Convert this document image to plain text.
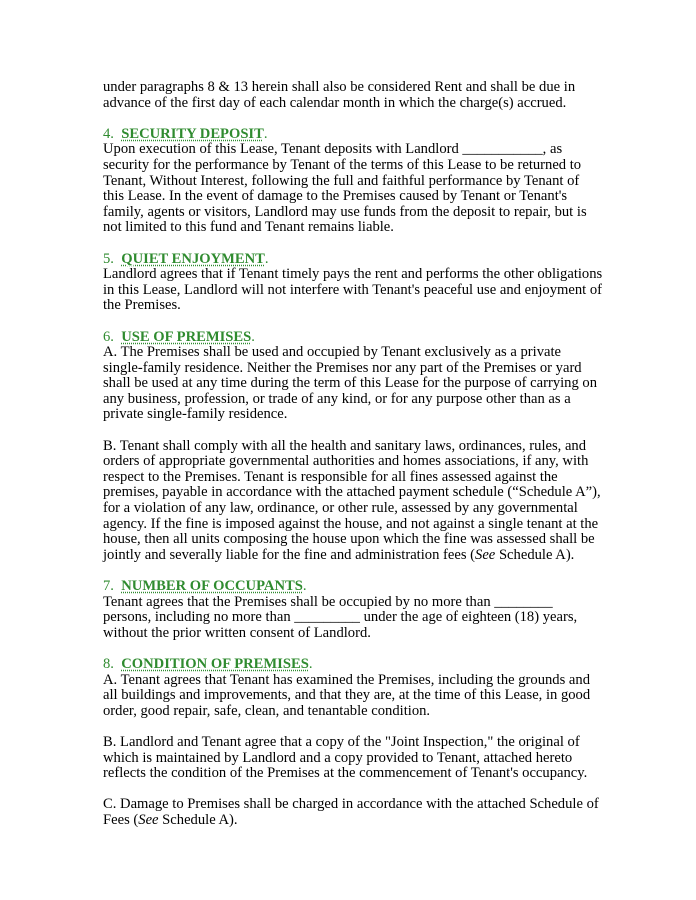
under paragraphs 8 & 13 herein shall also be considered Rent and shall be due in advance of the first day of each calendar month in which the charge(s) accrued.

4. SECURITY DEPOSIT.

Upon execution of this Lease, Tenant deposits with Landlord ___________, as security for the performance by Tenant of the terms of this Lease to be returned to Tenant, Without Interest, following the full and faithful performance by Tenant of this Lease. In the event of damage to the Premises caused by Tenant or Tenant's family, agents or visitors, Landlord may use funds from the deposit to repair, but is not limited to this fund and Tenant remains liable.

5. QUIET ENJOYMENT.

Landlord agrees that if Tenant timely pays the rent and performs the other obligations in this Lease, Landlord will not interfere with Tenant's peaceful use and enjoyment of the Premises.

6. USE OF PREMISES.

A. The Premises shall be used and occupied by Tenant exclusively as a private single-family residence. Neither the Premises nor any part of the Premises or yard shall be used at any time during the term of this Lease for the purpose of carrying on any business, profession, or trade of any kind, or for any purpose other than as a private single-family residence.

B. Tenant shall comply with all the health and sanitary laws, ordinances, rules, and orders of appropriate governmental authorities and homes associations, if any, with respect to the Premises. Tenant is responsible for all fines assessed against the premises, payable in accordance with the attached payment schedule (“Schedule A”), for a violation of any law, ordinance, or other rule, assessed by any governmental agency. If the fine is imposed against the house, and not against a single tenant at the house, then all units composing the house upon which the fine was assessed shall be jointly and severally liable for the fine and administration fees (See Schedule A).

7. NUMBER OF OCCUPANTS.

Tenant agrees that the Premises shall be occupied by no more than ________ persons, including no more than _________ under the age of eighteen (18) years, without the prior written consent of Landlord.

8. CONDITION OF PREMISES.

A. Tenant agrees that Tenant has examined the Premises, including the grounds and all buildings and improvements, and that they are, at the time of this Lease, in good order, good repair, safe, clean, and tenantable condition.

B. Landlord and Tenant agree that a copy of the "Joint Inspection," the original of which is maintained by Landlord and a copy provided to Tenant, attached hereto reflects the condition of the Premises at the commencement of Tenant's occupancy.

C. Damage to Premises shall be charged in accordance with the attached Schedule of Fees (See Schedule A).
